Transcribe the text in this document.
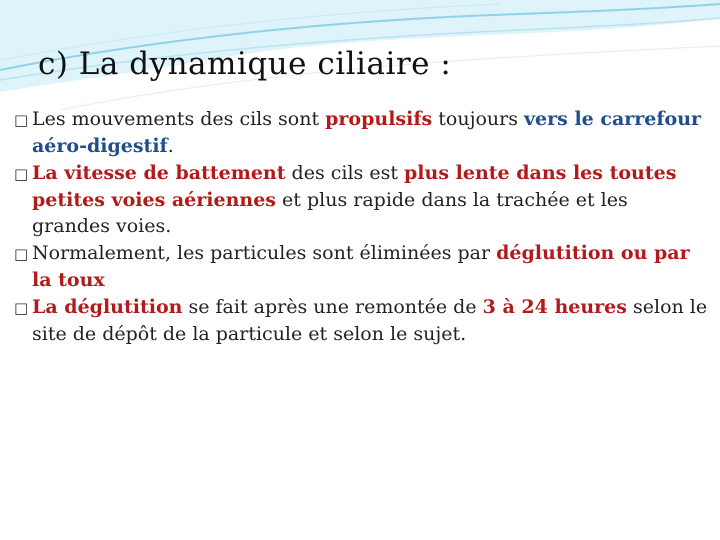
c) La dynamique ciliaire :

□ Les mouvements des cils sont propulsifs toujours vers le carrefour aéro-digestif.

□ La vitesse de battement des cils est plus lente dans les toutes petites voies aériennes et plus rapide dans la trachée et les grandes voies.

□ Normalement, les particules sont éliminées par déglutition ou par la toux

□ La déglutition se fait après une remontée de 3 à 24 heures selon le site de dépôt de la particule et selon le sujet.
